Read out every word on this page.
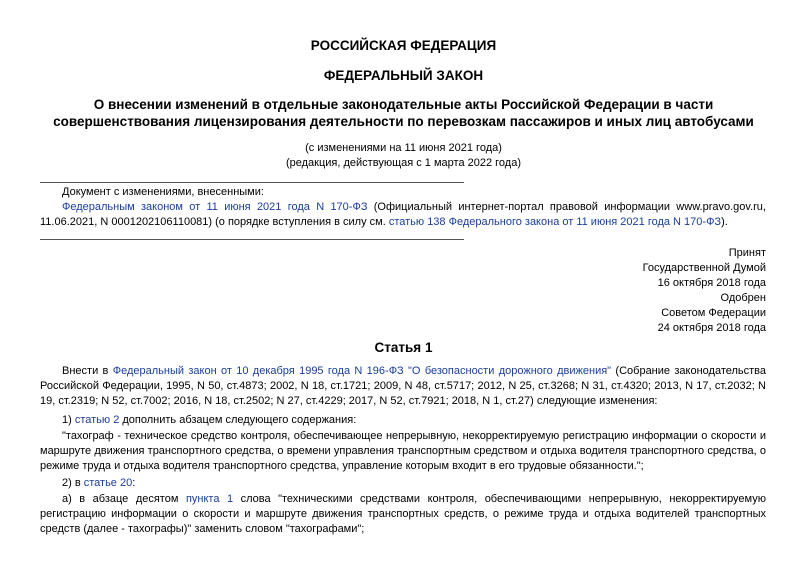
РОССИЙСКАЯ ФЕДЕРАЦИЯ
ФЕДЕРАЛЬНЫЙ ЗАКОН
О внесении изменений в отдельные законодательные акты Российской Федерации в части
совершенствования лицензирования деятельности по перевозкам пассажиров и иных лиц автобусами
(с изменениями на 11 июня 2021 года)
(редакция, действующая с 1 марта 2022 года)
Документ с изменениями, внесенными:
Федеральным законом от 11 июня 2021 года N 170-ФЗ (Официальный интернет-портал правовой информации www.pravo.gov.ru, 11.06.2021, N 0001202106110081) (о порядке вступления в силу см. статью 138 Федерального закона от 11 июня 2021 года N 170-ФЗ).
Принят
Государственной Думой
16 октября 2018 года
Одобрен
Советом Федерации
24 октября 2018 года
Статья 1
Внести в Федеральный закон от 10 декабря 1995 года N 196-ФЗ "О безопасности дорожного движения" (Собрание законодательства Российской Федерации, 1995, N 50, ст.4873; 2002, N 18, ст.1721; 2009, N 48, ст.5717; 2012, N 25, ст.3268; N 31, ст.4320; 2013, N 17, ст.2032; N 19, ст.2319; N 52, ст.7002; 2016, N 18, ст.2502; N 27, ст.4229; 2017, N 52, ст.7921; 2018, N 1, ст.27) следующие изменения:
1) статью 2 дополнить абзацем следующего содержания:
"тахограф - техническое средство контроля, обеспечивающее непрерывную, некорректируемую регистрацию информации о скорости и маршруте движения транспортного средства, о времени управления транспортным средством и отдыха водителя транспортного средства, о режиме труда и отдыха водителя транспортного средства, управление которым входит в его трудовые обязанности.";
2) в статье 20:
а) в абзаце десятом пункта 1 слова "техническими средствами контроля, обеспечивающими непрерывную, некорректируемую регистрацию информации о скорости и маршруте движения транспортных средств, о режиме труда и отдыха водителей транспортных средств (далее - тахографы)" заменить словом "тахографами";
